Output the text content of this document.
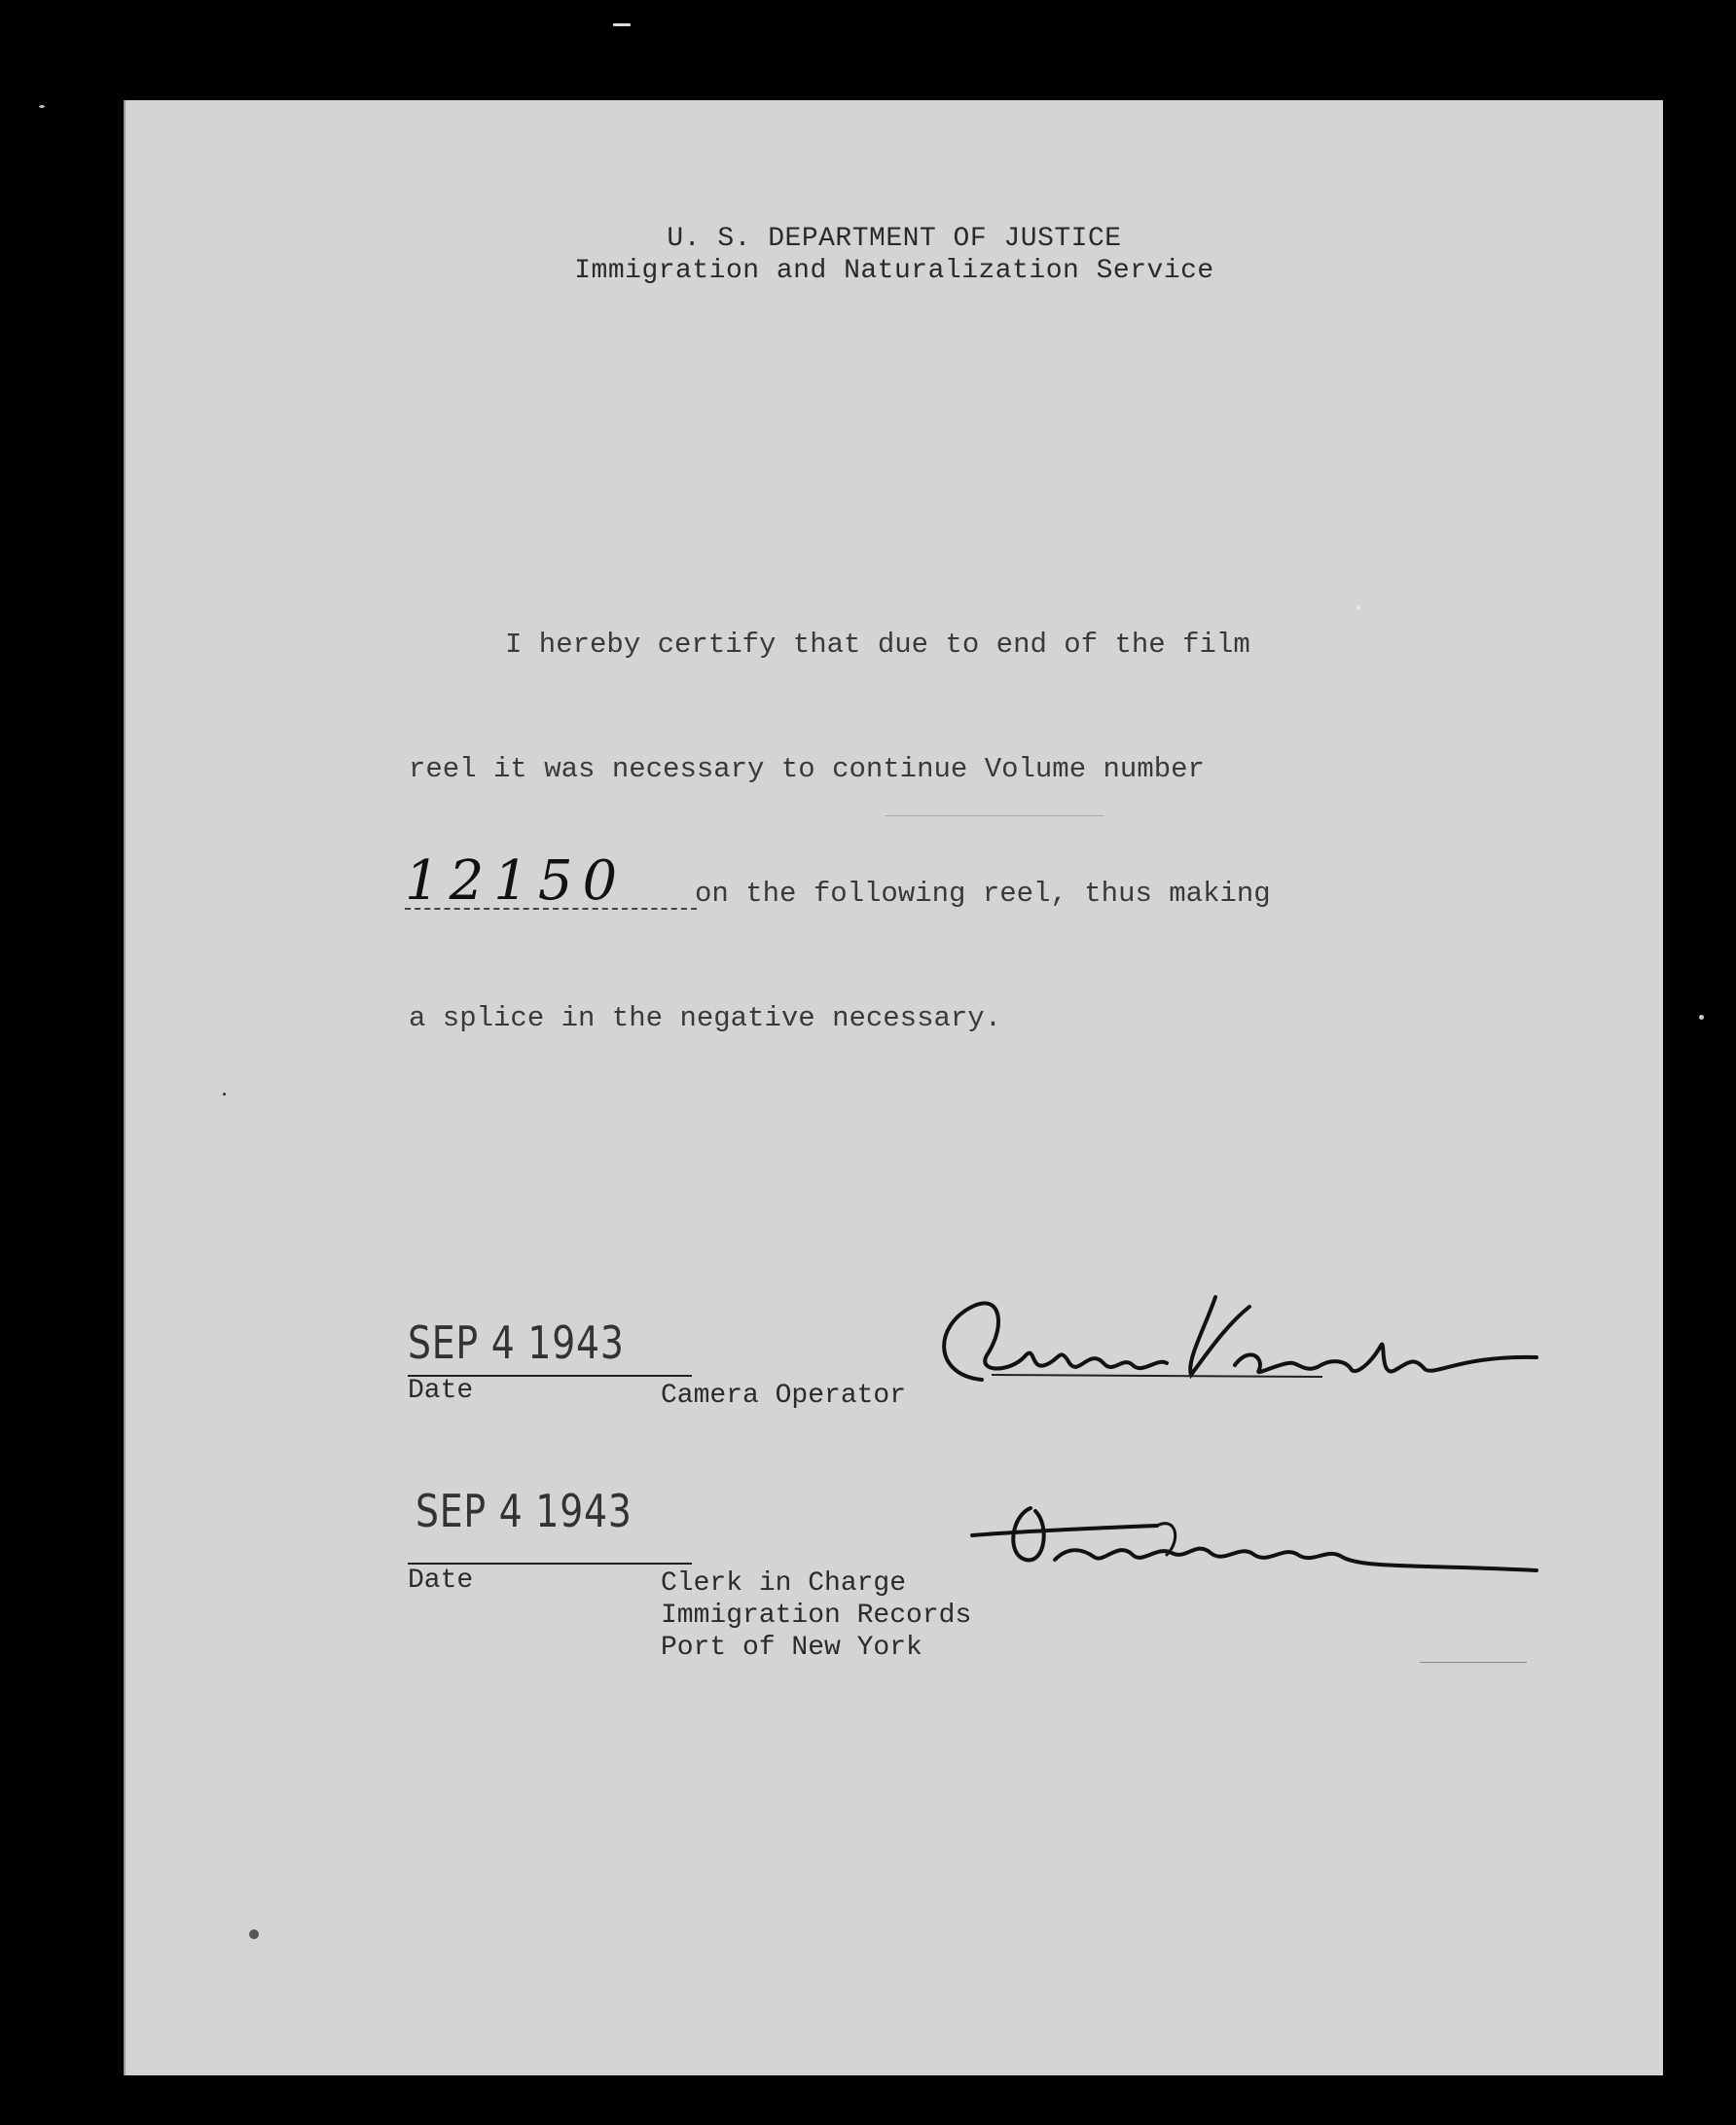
U. S. DEPARTMENT OF JUSTICE
Immigration and Naturalization Service
I hereby certify that due to end of the film
reel it was necessary to continue Volume number
12150 on the following reel, thus making
a splice in the negative necessary.
SEP 4 1943
Date	Camera Operator
SEP 4 1943
Date	Clerk in Charge
Immigration Records
Port of New York
